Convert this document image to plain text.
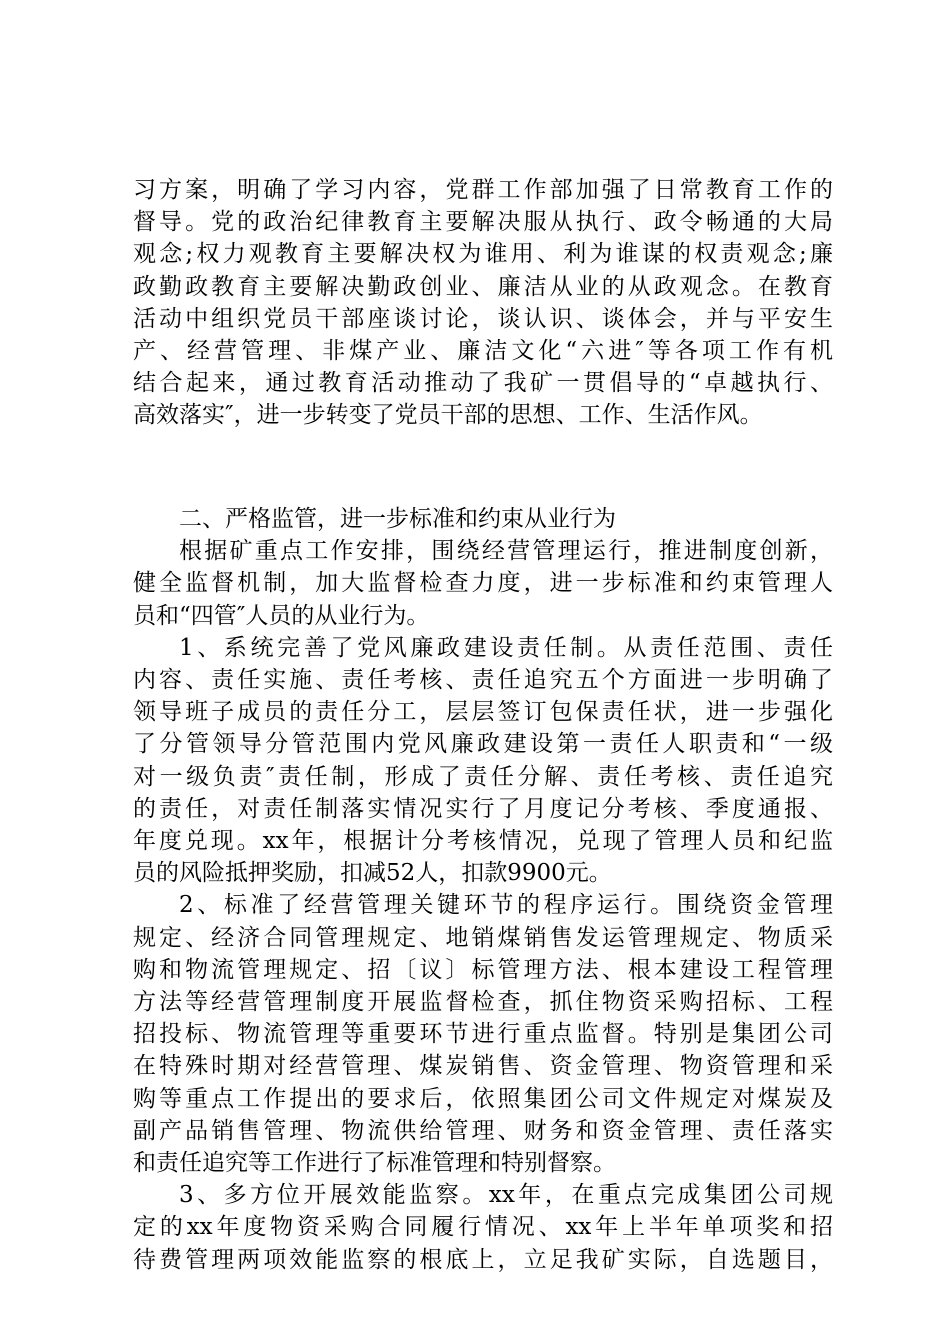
习方案，明确了学习内容，党群工作部加强了日常教育工作的
督导。党的政治纪律教育主要解决服从执行、政令畅通的大局
观念;权力观教育主要解决权为谁用、利为谁谋的权责观念;廉
政勤政教育主要解决勤政创业、廉洁从业的从政观念。在教育
活动中组织党员干部座谈讨论，谈认识、谈体会，并与平安生
产、经营管理、非煤产业、廉洁文化“六进″等各项工作有机
结合起来，通过教育活动推动了我矿一贯倡导的“卓越执行、
高效落实″，进一步转变了党员干部的思想、工作、生活作风。

二、严格监管，进一步标准和约束从业行为

根据矿重点工作安排，围绕经营管理运行，推进制度创新，
健全监督机制，加大监督检查力度，进一步标准和约束管理人
员和“四管″人员的从业行为。

1、系统完善了党风廉政建设责任制。从责任范围、责任
内容、责任实施、责任考核、责任追究五个方面进一步明确了
领导班子成员的责任分工，层层签订包保责任状，进一步强化
了分管领导分管范围内党风廉政建设第一责任人职责和“一级
对一级负责″责任制，形成了责任分解、责任考核、责任追究
的责任，对责任制落实情况实行了月度记分考核、季度通报、
年度兑现。xx年，根据计分考核情况，兑现了管理人员和纪监
员的风险抵押奖励，扣减52人，扣款9900元。

2、标准了经营管理关键环节的程序运行。围绕资金管理
规定、经济合同管理规定、地销煤销售发运管理规定、物质采
购和物流管理规定、招〔议〕标管理方法、根本建设工程管理
方法等经营管理制度开展监督检查，抓住物资采购招标、工程
招投标、物流管理等重要环节进行重点监督。特别是集团公司
在特殊时期对经营管理、煤炭销售、资金管理、物资管理和采
购等重点工作提出的要求后，依照集团公司文件规定对煤炭及
副产品销售管理、物流供给管理、财务和资金管理、责任落实
和责任追究等工作进行了标准管理和特别督察。

3、多方位开展效能监察。xx年，在重点完成集团公司规
定的xx年度物资采购合同履行情况、xx年上半年单项奖和招
待费管理两项效能监察的根底上，立足我矿实际，自选题目，
